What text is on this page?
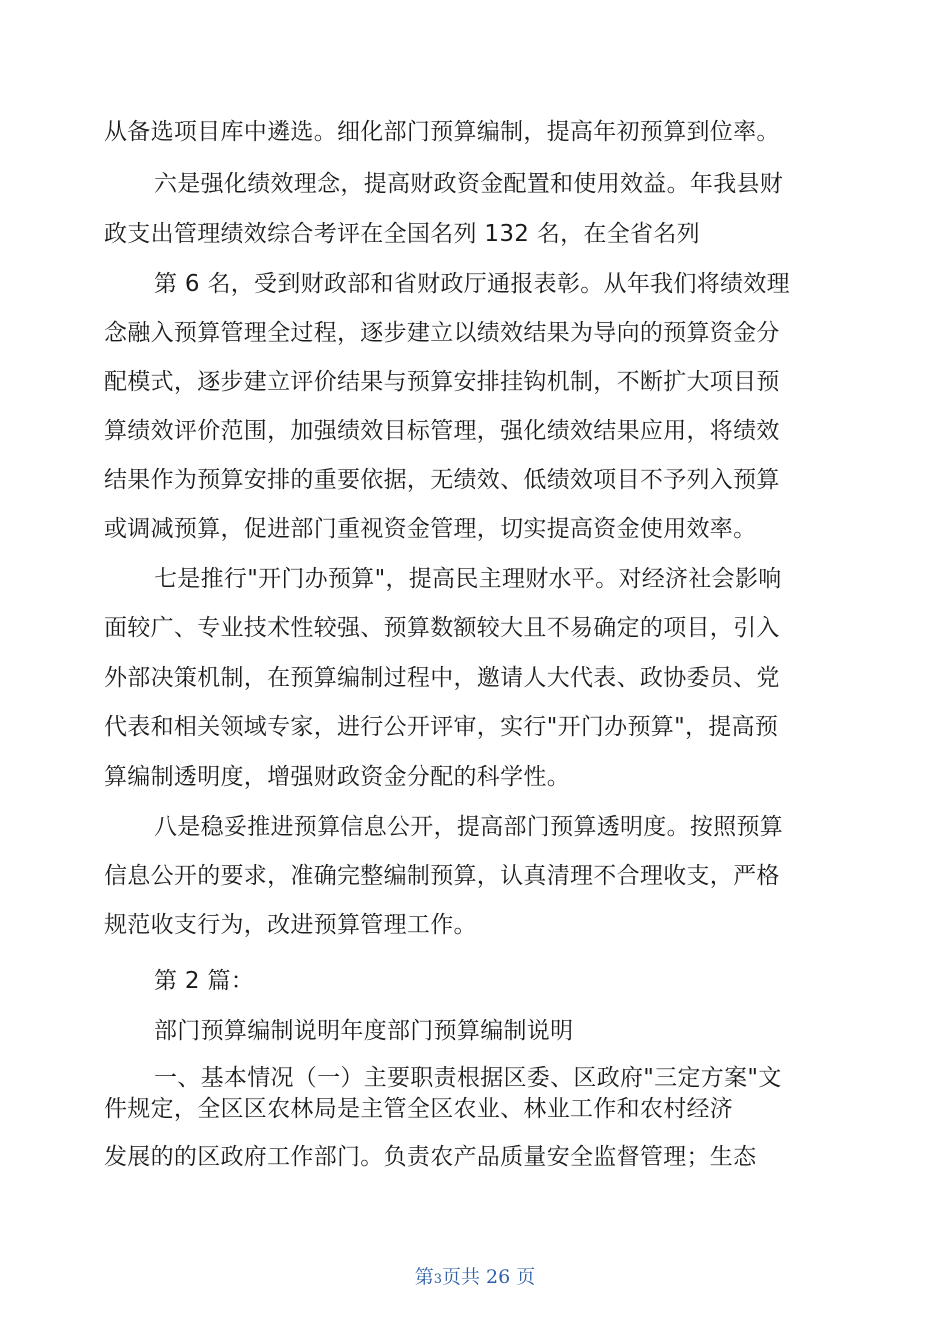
从备选项目库中遴选。细化部门预算编制，提高年初预算到位率。
六是强化绩效理念，提高财政资金配置和使用效益。年我县财
政支出管理绩效综合考评在全国名列 132 名，在全省名列
第 6 名，受到财政部和省财政厅通报表彰。从年我们将绩效理
念融入预算管理全过程，逐步建立以绩效结果为导向的预算资金分
配模式，逐步建立评价结果与预算安排挂钩机制，不断扩大项目预
算绩效评价范围，加强绩效目标管理，强化绩效结果应用，将绩效
结果作为预算安排的重要依据，无绩效、低绩效项目不予列入预算
或调减预算，促进部门重视资金管理，切实提高资金使用效率。
七是推行"开门办预算"，提高民主理财水平。对经济社会影响
面较广、专业技术性较强、预算数额较大且不易确定的项目，引入
外部决策机制，在预算编制过程中，邀请人大代表、政协委员、党
代表和相关领域专家，进行公开评审，实行"开门办预算"，提高预
算编制透明度，增强财政资金分配的科学性。
八是稳妥推进预算信息公开，提高部门预算透明度。按照预算
信息公开的要求，准确完整编制预算，认真清理不合理收支，严格
规范收支行为，改进预算管理工作。
第 2 篇：
部门预算编制说明年度部门预算编制说明
一、基本情况（一）主要职责根据区委、区政府"三定方案"文
件规定，全区区农林局是主管全区农业、林业工作和农村经济
发展的的区政府工作部门。负责农产品质量安全监督管理；生态
第3页共 26 页
